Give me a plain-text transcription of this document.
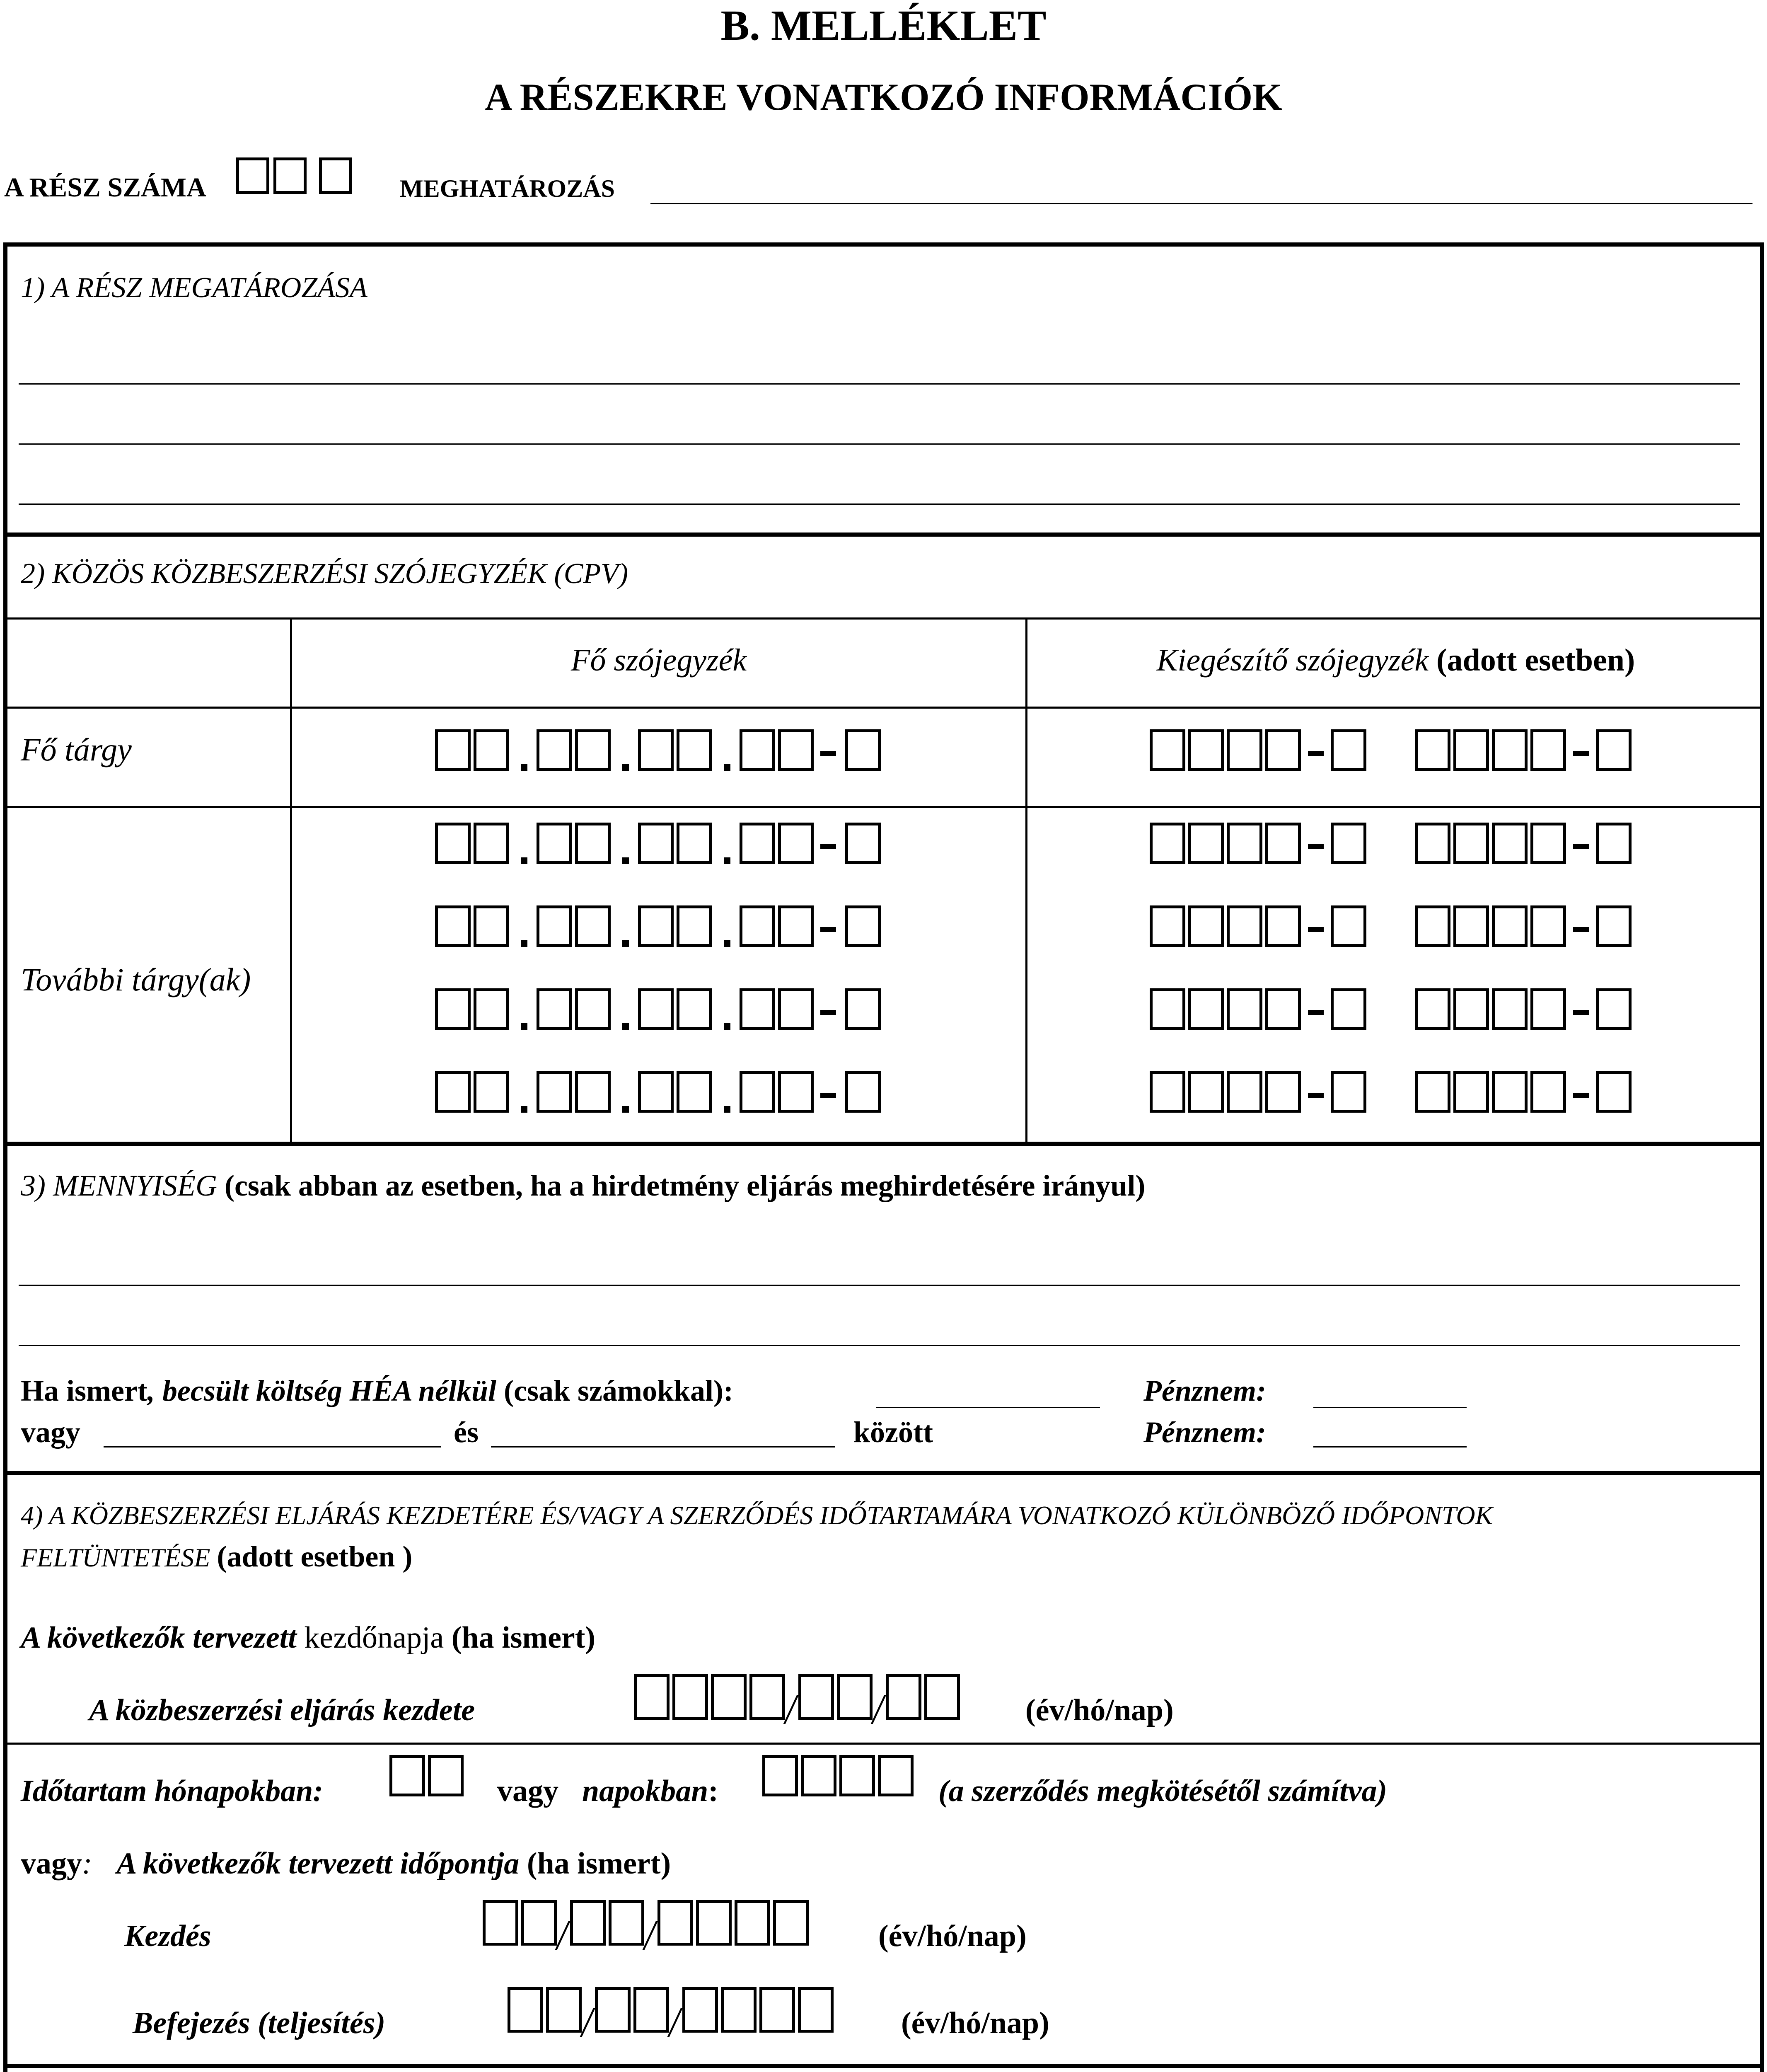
B. MELLÉKLET
A RÉSZEKRE VONATKOZÓ INFORMÁCIÓK
A RÉSZ SZÁMA	MEGHATÁROZÁS
1) A RÉSZ MEGATÁROZÁSA
2) KÖZÖS KÖZBESZERZÉSI SZÓJEGYZÉK (CPV)
Fő szójegyzék	Kiegészítő szójegyzék (adott esetben)
Fő tárgy
További tárgy(ak)
3) MENNYISÉG (csak abban az esetben, ha a hirdetmény eljárás meghirdetésére irányul)
Ha ismert, becsült költség HÉA nélkül (csak számokkal):	Pénznem:
vagy	és	között	Pénznem:
4) A KÖZBESZERZÉSI ELJÁRÁS KEZDETÉRE ÉS/VAGY A SZERZŐDÉS IDŐTARTAMÁRA VONATKOZÓ KÜLÖNBÖZŐ IDŐPONTOK
FELTÜNTETÉSE (adott esetben )
A következők tervezett kezdőnapja (ha ismert)
A közbeszerzési eljárás kezdete	(év/hó/nap)
Időtartam hónapokban:	vagy napokban:	(a szerződés megkötésétől számítva)
vagy: A következők tervezett időpontja (ha ismert)
Kezdés	(év/hó/nap)
Befejezés (teljesítés)	(év/hó/nap)
